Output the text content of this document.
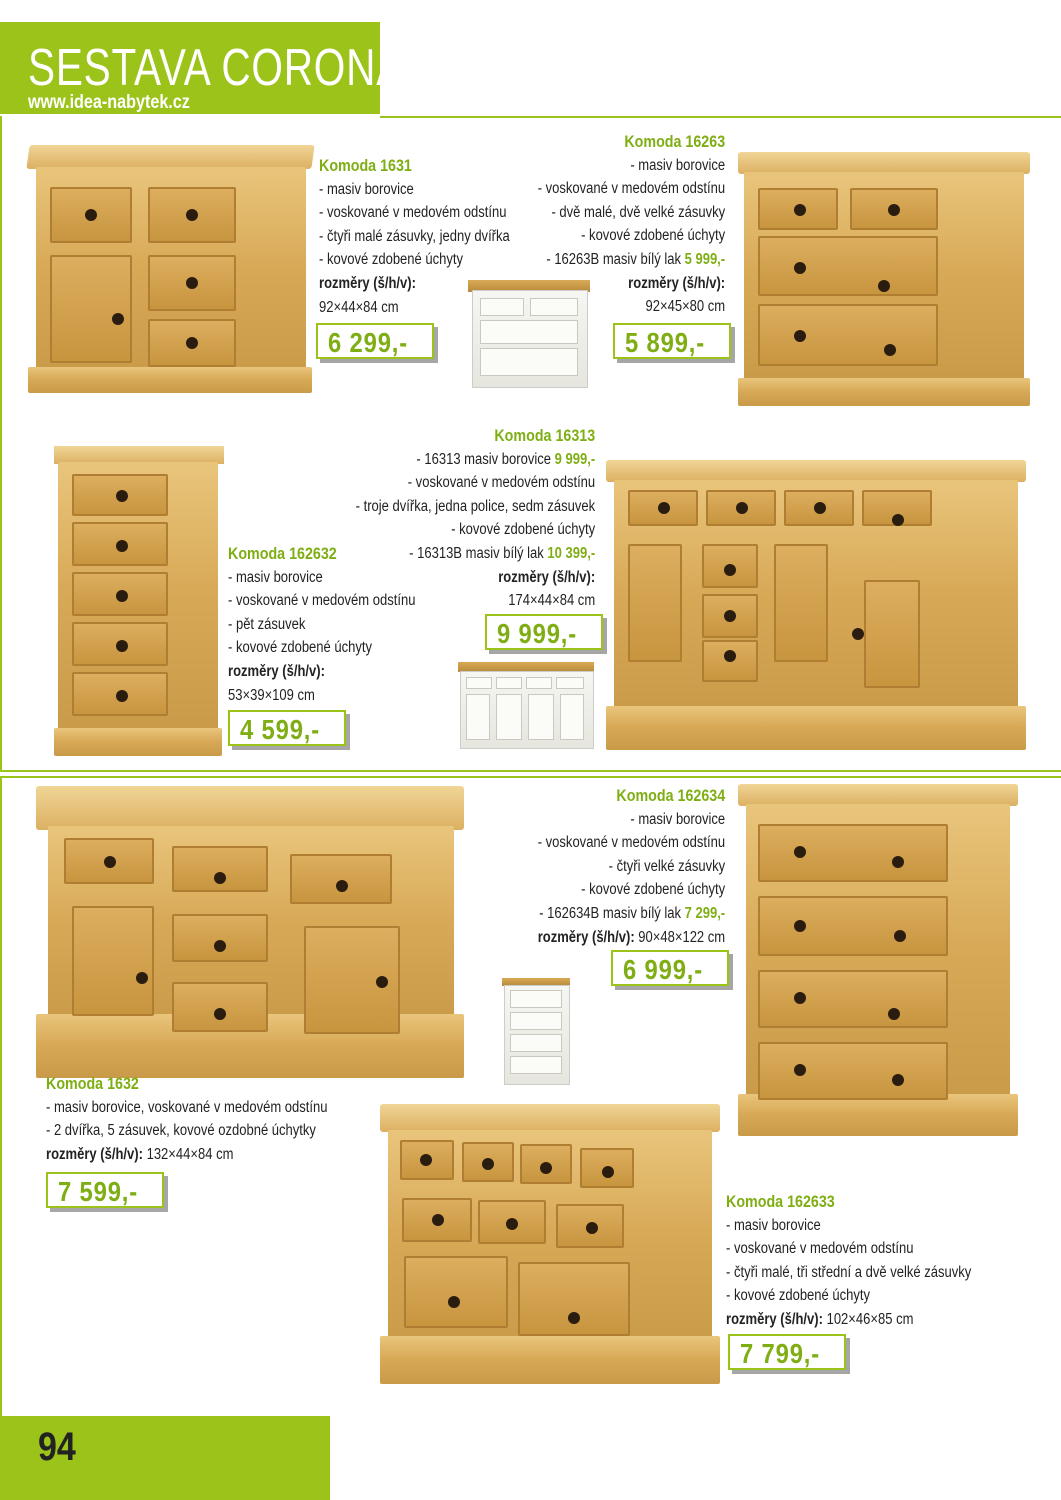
SESTAVA CORONA
www.idea-nabytek.cz
Komoda 1631
- masiv borovice
- voskované v medovém odstínu
- čtyři malé zásuvky, jedny dvířka
- kovové zdobené úchyty
rozměry (š/h/v):
92×44×84 cm
6 299,-
Komoda 16263
- masiv borovice
- voskované v medovém odstínu
- dvě malé, dvě velké zásuvky
- kovové zdobené úchyty
- 16263B masiv bílý lak 5 999,-
rozměry (š/h/v):
92×45×80 cm
5 899,-
Komoda 16313
- 16313 masiv borovice 9 999,-
- voskované v medovém odstínu
- troje dvířka, jedna police, sedm zásuvek
- kovové zdobené úchyty
- 16313B masiv bílý lak 10 399,-
rozměry (š/h/v):
174×44×84 cm
9 999,-
Komoda 162632
- masiv borovice
- voskované v medovém odstínu
- pět zásuvek
- kovové zdobené úchyty
rozměry (š/h/v):
53×39×109 cm
4 599,-
Komoda 162634
- masiv borovice
- voskované v medovém odstínu
- čtyři velké zásuvky
- kovové zdobené úchyty
- 162634B masiv bílý lak 7 299,-
rozměry (š/h/v): 90×48×122 cm
6 999,-
Komoda 1632
- masiv borovice, voskované v medovém odstínu
- 2 dvířka, 5 zásuvek, kovové ozdobné úchytky
rozměry (š/h/v): 132×44×84 cm
7 599,-	Komoda 162633
- masiv borovice
- voskované v medovém odstínu
- čtyři malé, tři střední a dvě velké zásuvky
- kovové zdobené úchyty
rozměry (š/h/v): 102×46×85 cm
7 799,-
94
